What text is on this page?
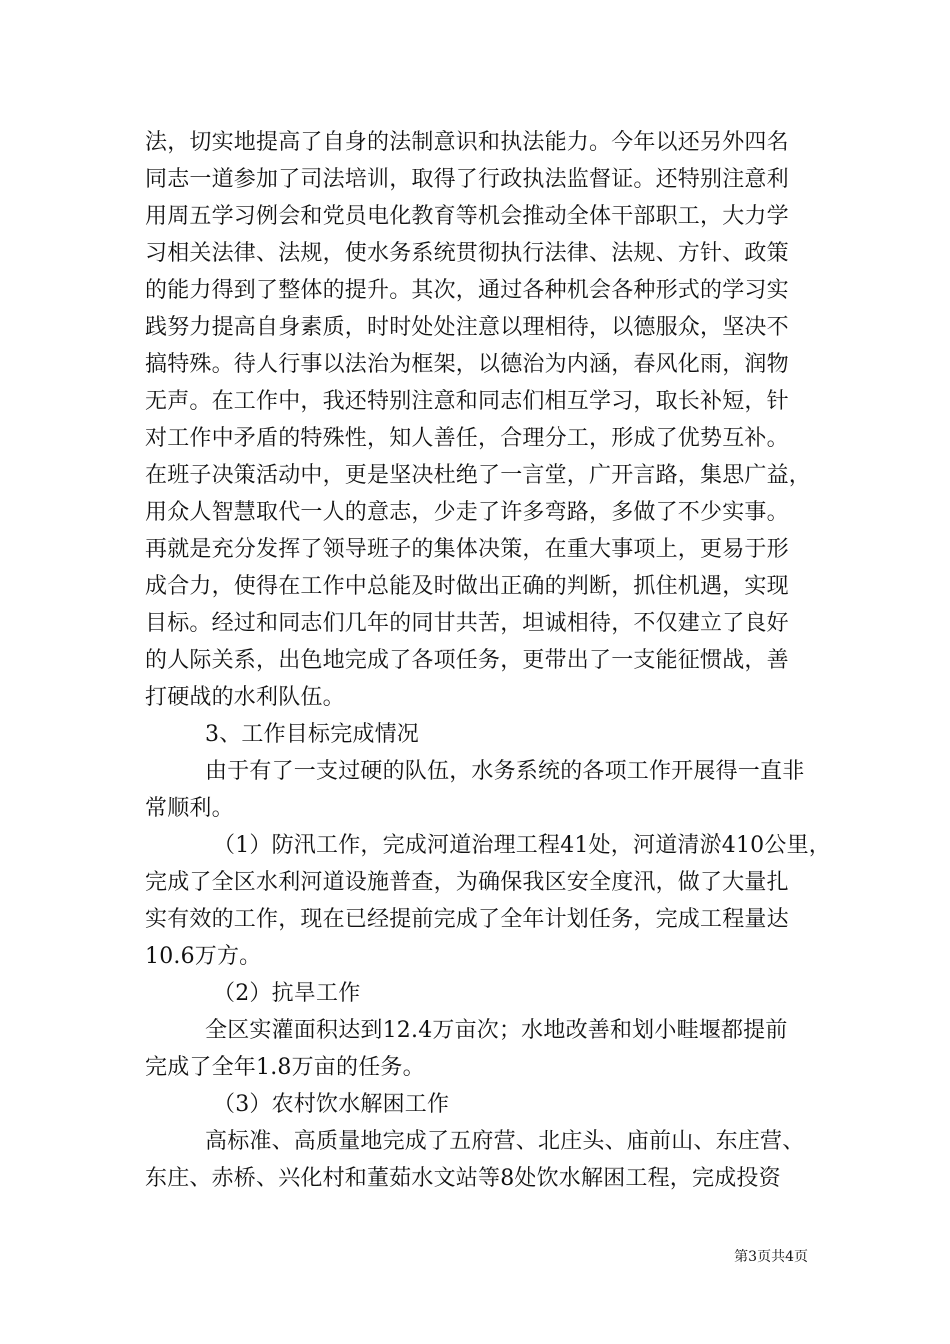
法，切实地提高了自身的法制意识和执法能力。今年以还另外四名
同志一道参加了司法培训，取得了行政执法监督证。还特别注意利
用周五学习例会和党员电化教育等机会推动全体干部职工，大力学
习相关法律、法规，使水务系统贯彻执行法律、法规、方针、政策
的能力得到了整体的提升。其次，通过各种机会各种形式的学习实
践努力提高自身素质，时时处处注意以理相待，以德服众，坚决不
搞特殊。待人行事以法治为框架，以德治为内涵，春风化雨，润物
无声。在工作中，我还特别注意和同志们相互学习，取长补短，针
对工作中矛盾的特殊性，知人善任，合理分工，形成了优势互补。
在班子决策活动中，更是坚决杜绝了一言堂，广开言路，集思广益，
用众人智慧取代一人的意志，少走了许多弯路，多做了不少实事。
再就是充分发挥了领导班子的集体决策，在重大事项上，更易于形
成合力，使得在工作中总能及时做出正确的判断，抓住机遇，实现
目标。经过和同志们几年的同甘共苦，坦诚相待，不仅建立了良好
的人际关系，出色地完成了各项任务，更带出了一支能征惯战，善
打硬战的水利队伍。
3、工作目标完成情况
由于有了一支过硬的队伍，水务系统的各项工作开展得一直非
常顺利。
（1）防汛工作，完成河道治理工程41处，河道清淤410公里，
完成了全区水利河道设施普查，为确保我区安全度汛，做了大量扎
实有效的工作，现在已经提前完成了全年计划任务，完成工程量达
10.6万方。
（2）抗旱工作
全区实灌面积达到12.4万亩次；水地改善和划小畦堰都提前
完成了全年1.8万亩的任务。
（3）农村饮水解困工作
高标准、高质量地完成了五府营、北庄头、庙前山、东庄营、
东庄、赤桥、兴化村和董茹水文站等8处饮水解困工程，完成投资
第3页共4页
